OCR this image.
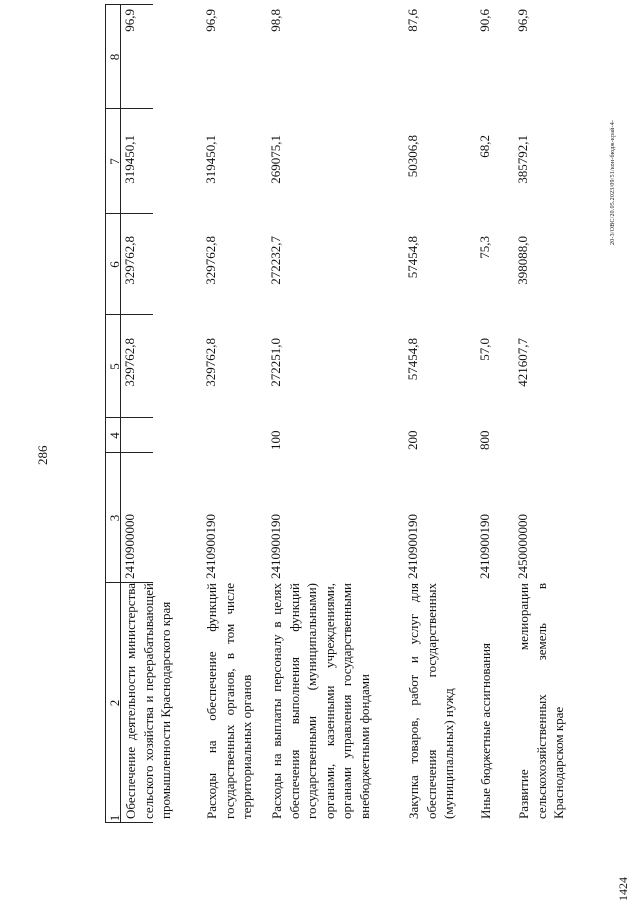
286
20-3/ОВС/20.05.2023/09/51/кон-бюдж-край-4-
1424
1
2
3
4
5
6
7
8
Обеспечение деятельности министерства сельского хозяйства и перерабатывающей промышленности Краснодарского края
2410900000
329762,8
329762,8
319450,1
96,9
Расходы на обеспечение функций государственных органов, в том числе территориальных органов
2410900190
329762,8
329762,8
319450,1
96,9
Расходы на выплаты персоналу в целях обеспечения выполнения функций государственными (муниципальными) органами, казенными учреждениями, органами управления государственными внебюджетными фондами
2410900190
100
272251,0
272232,7
269075,1
98,8
Закупка товаров, работ и услуг для обеспечения государственных (муниципальных) нужд
2410900190
200
57454,8
57454,8
50306,8
87,6
Иные бюджетные ассигнования
2410900190
800
57,0
75,3
68,2
90,6
Развитие мелиорации сельскохозяйственных земель в Краснодарском крае
2450000000
421607,7
398088,0
385792,1
96,9
